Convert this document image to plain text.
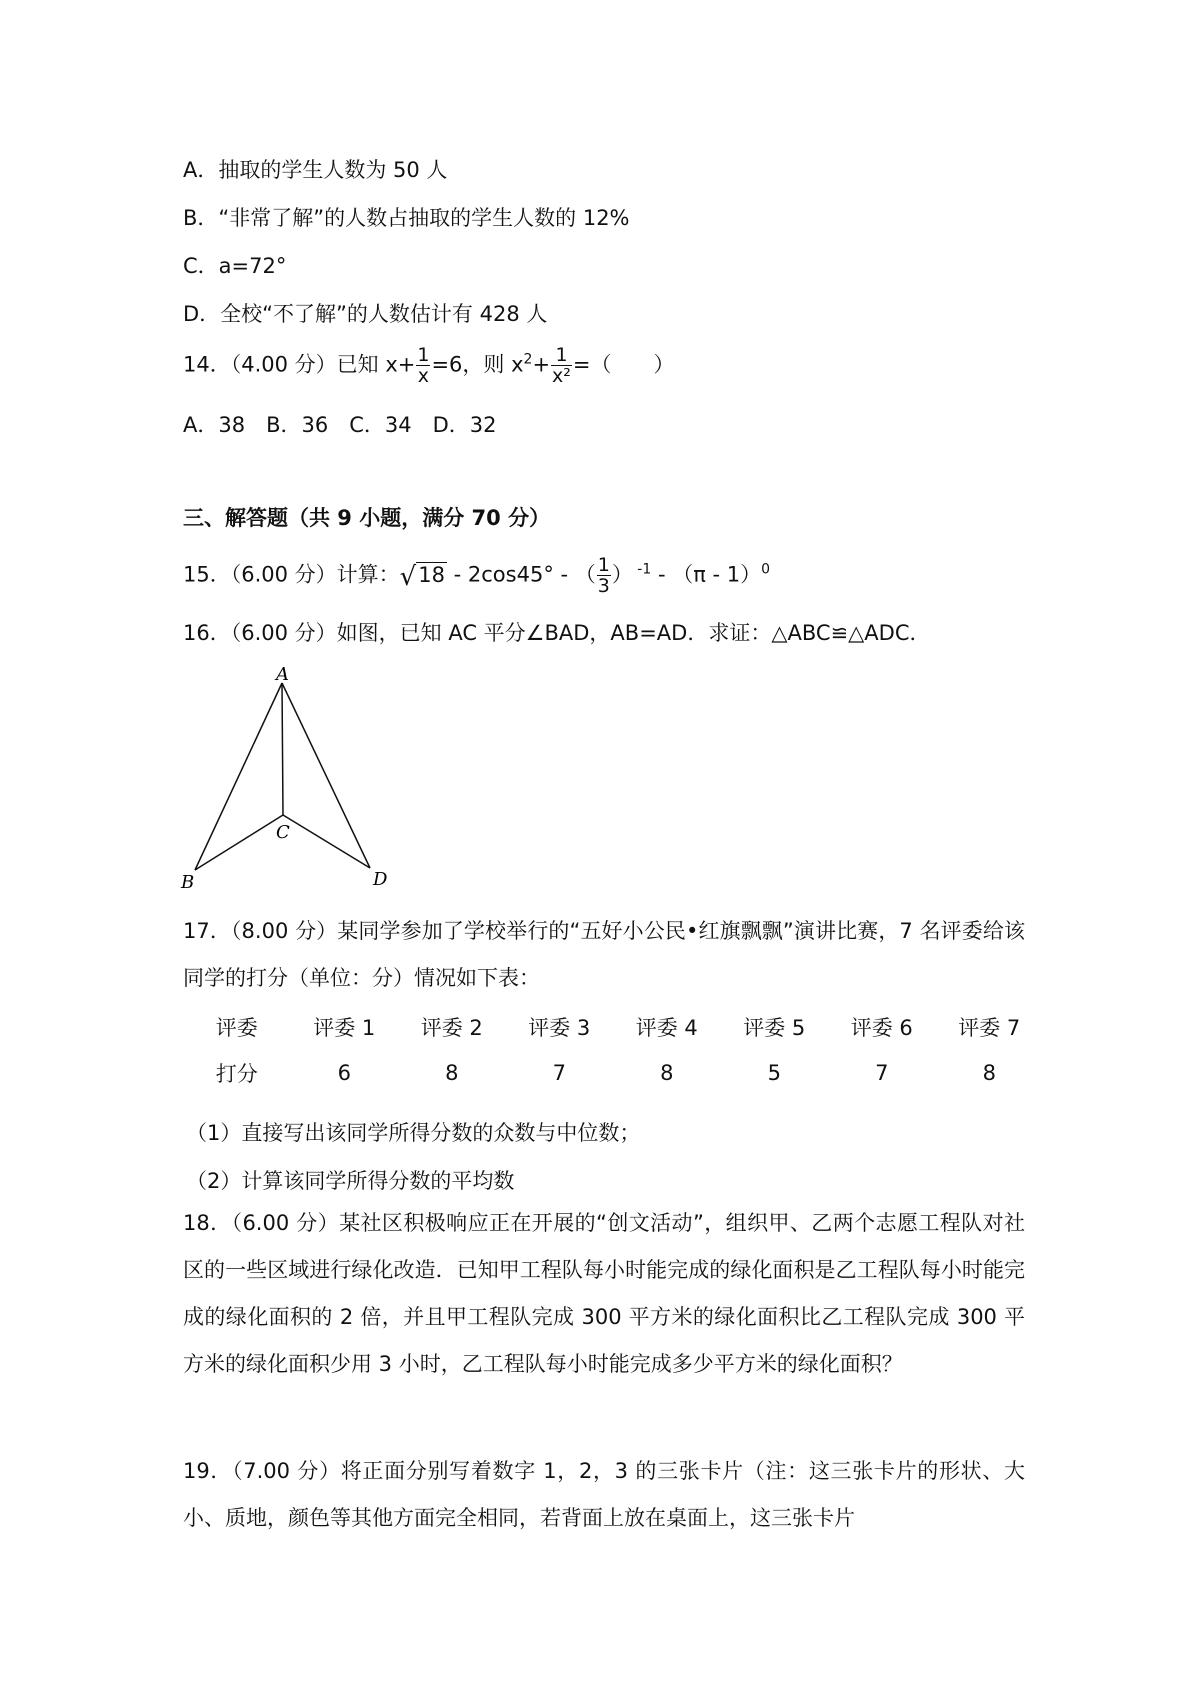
A．抽取的学生人数为 50 人
B．“非常了解”的人数占抽取的学生人数的 12%
C．a=72°
D．全校“不了解”的人数估计有 428 人
14．（4.00 分）已知 $x+ \frac{1}{x} =6$，则 $x^2+ \frac{1}{\text{x²}}$ =（　　）
A．38　B．36　C．34　D．32
三、解答题（共 9 小题，满分 70 分）
15．（6.00 分）计算：√18 - 2cos45° - （ $\frac{1}{3}$ ） $^{-1}$ - （π - 1）$^0$
16．（6.00 分）如图，已知 AC 平分∠BAD，AB=AD．求证：△ABC≌△ADC．
A
B
C
D
17．（8.00 分）某同学参加了学校举行的“五好小公民•红旗飘飘”演讲比赛，7 名评委给该同学的打分（单位：分）情况如下表：
评委	评委 1	评委 2	评委 3	评委 4	评委 5	评委 6	评委 7
打分	6	8	7	8	5	7	8
（1）直接写出该同学所得分数的众数与中位数；
（2）计算该同学所得分数的平均数
18．（6.00 分）某社区积极响应正在开展的“创文活动”，组织甲、乙两个志愿工程队对社区的一些区域进行绿化改造．已知甲工程队每小时能完成的绿化面积是乙工程队每小时能完成的绿化面积的 2 倍，并且甲工程队完成 300 平方米的绿化面积比乙工程队完成 300 平方米的绿化面积少用 3 小时，乙工程队每小时能完成多少平方米的绿化面积？
19．（7.00 分）将正面分别写着数字 1，2，3 的三张卡片（注：这三张卡片的形状、大小、质地，颜色等其他方面完全相同，若背面上放在桌面上，这三张卡片
